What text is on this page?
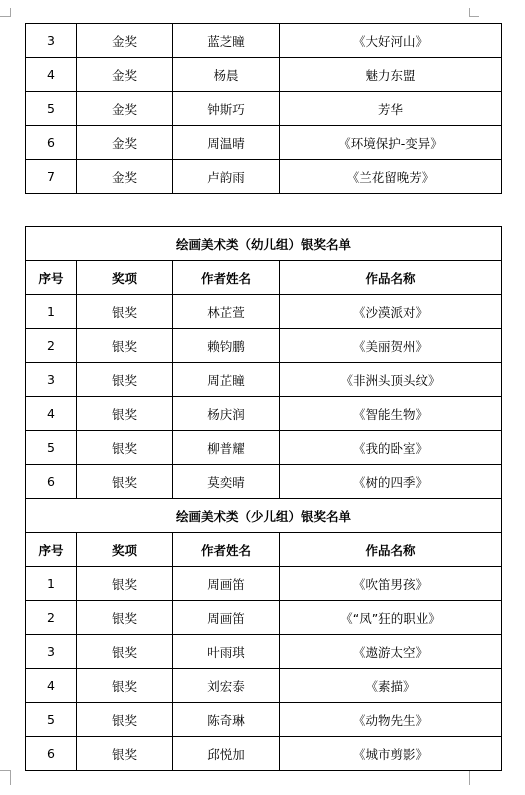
3	金奖	蓝芝瞳	《大好河山》
4	金奖	杨晨	魅力东盟
5	金奖	钟斯巧	芳华
6	金奖	周温晴	《环境保护-变异》
7	金奖	卢韵雨	《兰花留晚芳》
绘画美术类（幼儿组）银奖名单			
序号	奖项	作者姓名	作品名称
1	银奖	林芷萱	《沙漠派对》
2	银奖	赖钧鹏	《美丽贺州》
3	银奖	周芷瞳	《非洲头顶头纹》
4	银奖	杨庆润	《智能生物》
5	银奖	柳普耀	《我的卧室》
6	银奖	莫奕晴	《树的四季》
绘画美术类（少儿组）银奖名单			
序号	奖项	作者姓名	作品名称
1	银奖	周画笛	《吹笛男孩》
2	银奖	周画笛	《“凤”狂的职业》
3	银奖	叶雨琪	《遨游太空》
4	银奖	刘宏泰	《素描》
5	银奖	陈奇琳	《动物先生》
6	银奖	邱悦加	《城市剪影》
